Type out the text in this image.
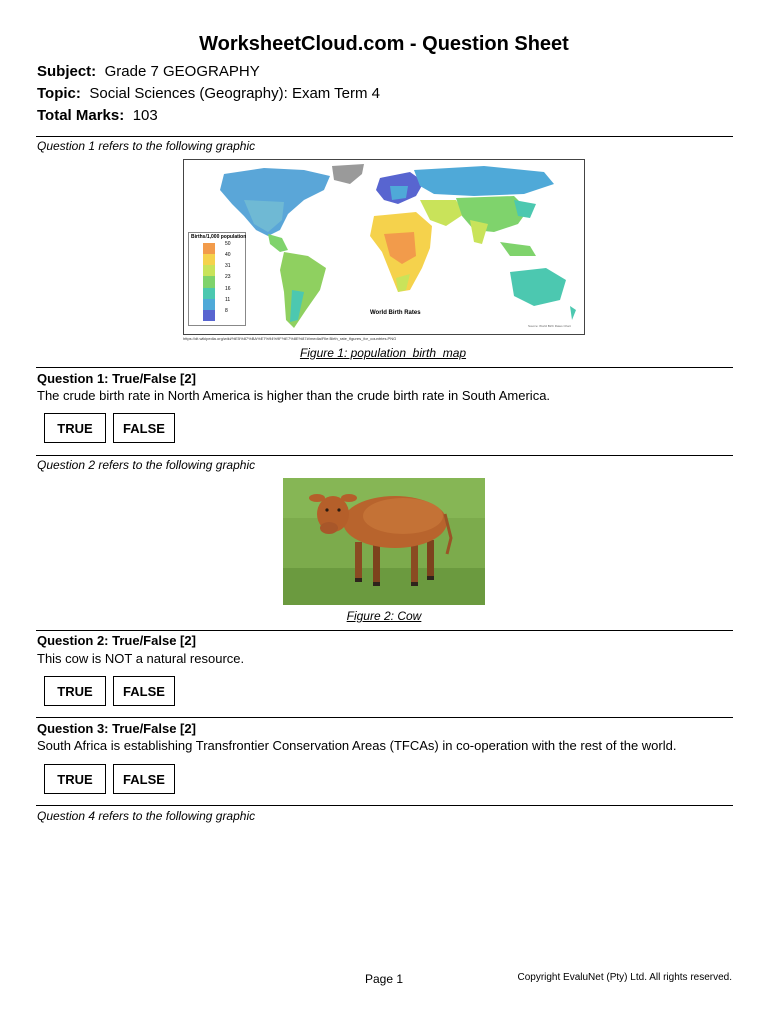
WorksheetCloud.com - Question Sheet
Subject: Grade 7 GEOGRAPHY
Topic: Social Sciences (Geography): Exam Term 4
Total Marks: 103
Question 1 refers to the following graphic
Births/1,000 population
50
40
31
23
16
11
8	World Birth Rates
Source: World Birth Rates Chart
https://dt.wikipedia.org/wiki/%E5%87%BA%E7%94%9F%E7%8E%87#/media/File:Birth_rate_figures_for_countries.PNG
Figure 1: population_birth_map
Question 1: True/False [2]
The crude birth rate in North America is higher than the crude birth rate in South America.
TRUE	FALSE
Question 2 refers to the following graphic
Figure 2: Cow
Question 2: True/False [2]
This cow is NOT a natural resource.
TRUE	FALSE
Question 3: True/False [2]
South Africa is establishing Transfrontier Conservation Areas (TFCAs) in co-operation with the rest of the world.
TRUE	FALSE
Question 4 refers to the following graphic
Page 1	Copyright EvaluNet (Pty) Ltd. All rights reserved.
